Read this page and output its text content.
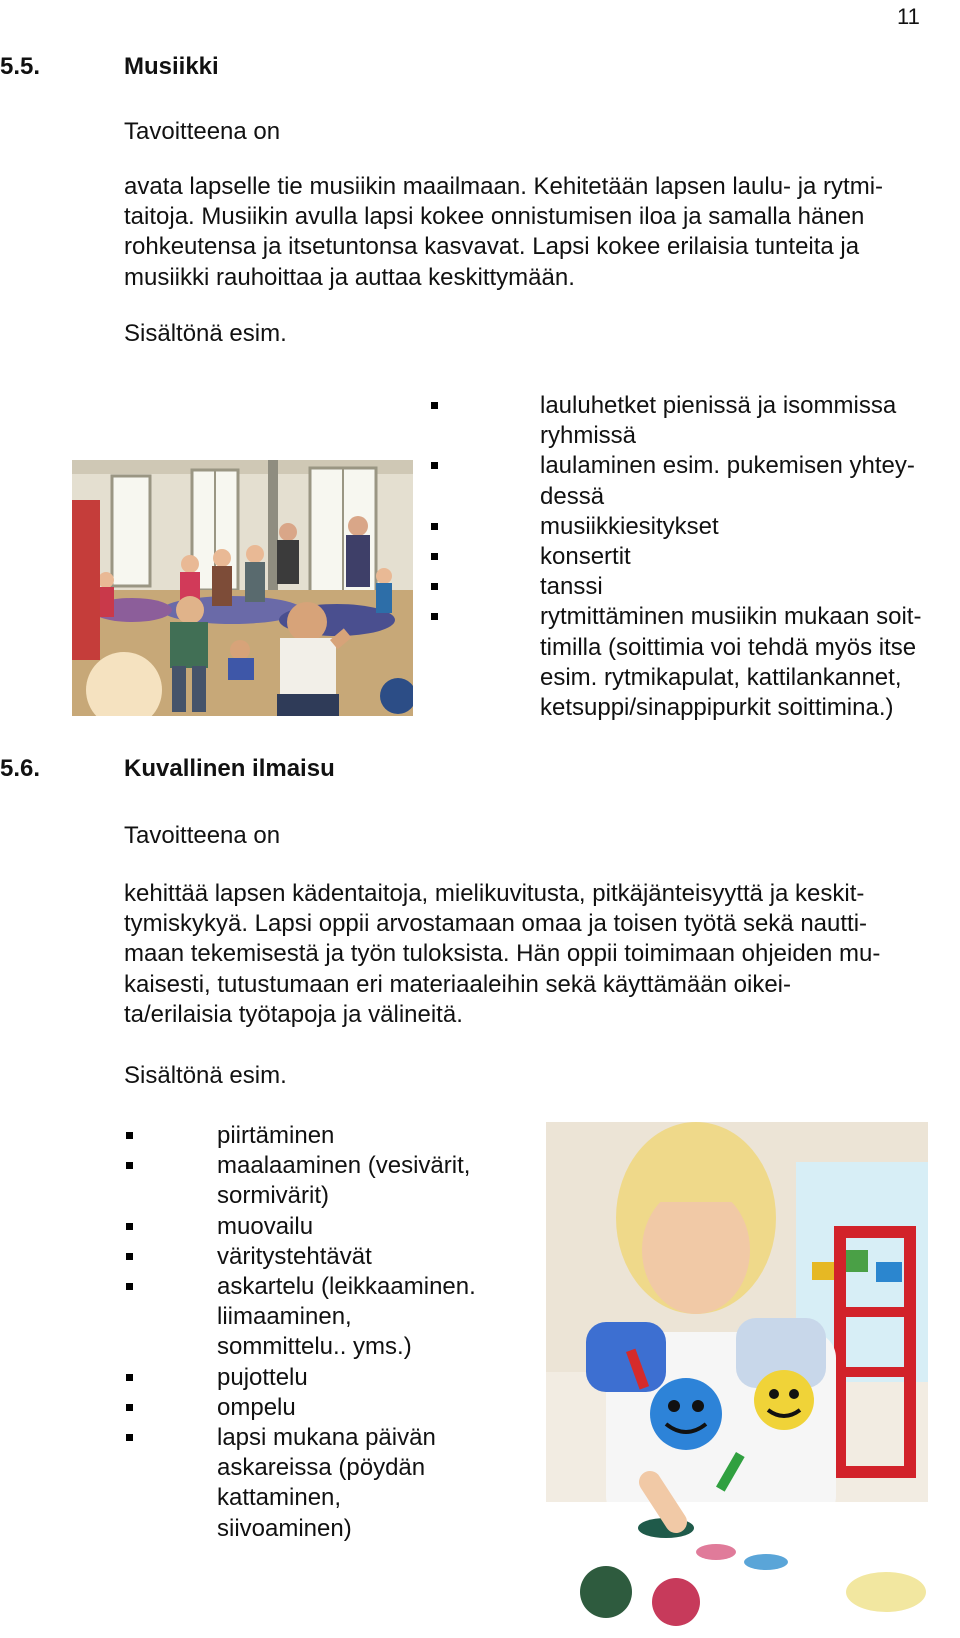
11
5.5.	Musiikki
Tavoitteena on

avata lapselle tie musiikin maailmaan. Kehitetään lapsen laulu- ja rytmi-
taitoja. Musiikin avulla lapsi kokee onnistumisen iloa ja samalla hänen
rohkeutensa ja itsetuntonsa kasvavat. Lapsi kokee erilaisia tunteita ja
musiikki rauhoittaa ja auttaa keskittymään.

Sisältönä esim.
lauluhetket pienissä ja isommissa
ryhmissä
laulaminen esim. pukemisen yhtey-
dessä
musiikkiesitykset
konsertit
tanssi
rytmittäminen musiikin mukaan soit-
timilla (soittimia voi tehdä myös itse
esim. rytmikapulat, kattilankannet,
ketsuppi/sinappipurkit soittimina.)
5.6.	Kuvallinen ilmaisu
Tavoitteena on

kehittää lapsen kädentaitoja, mielikuvitusta, pitkäjänteisyyttä ja keskit-
tymiskykyä. Lapsi oppii arvostamaan omaa ja toisen työtä sekä nautti-
maan tekemisestä ja työn tuloksista. Hän oppii toimimaan ohjeiden mu-
kaisesti, tutustumaan eri materiaaleihin sekä käyttämään oikei-
ta/erilaisia työtapoja ja välineitä.

Sisältönä esim.
piirtäminen
maalaaminen (vesivärit,
sormivärit)
muovailu
väritystehtävät
askartelu (leikkaaminen.
liimaaminen,
sommittelu.. yms.)
pujottelu
ompelu
lapsi mukana päivän
askareissa (pöydän
kattaminen,
siivoaminen)
